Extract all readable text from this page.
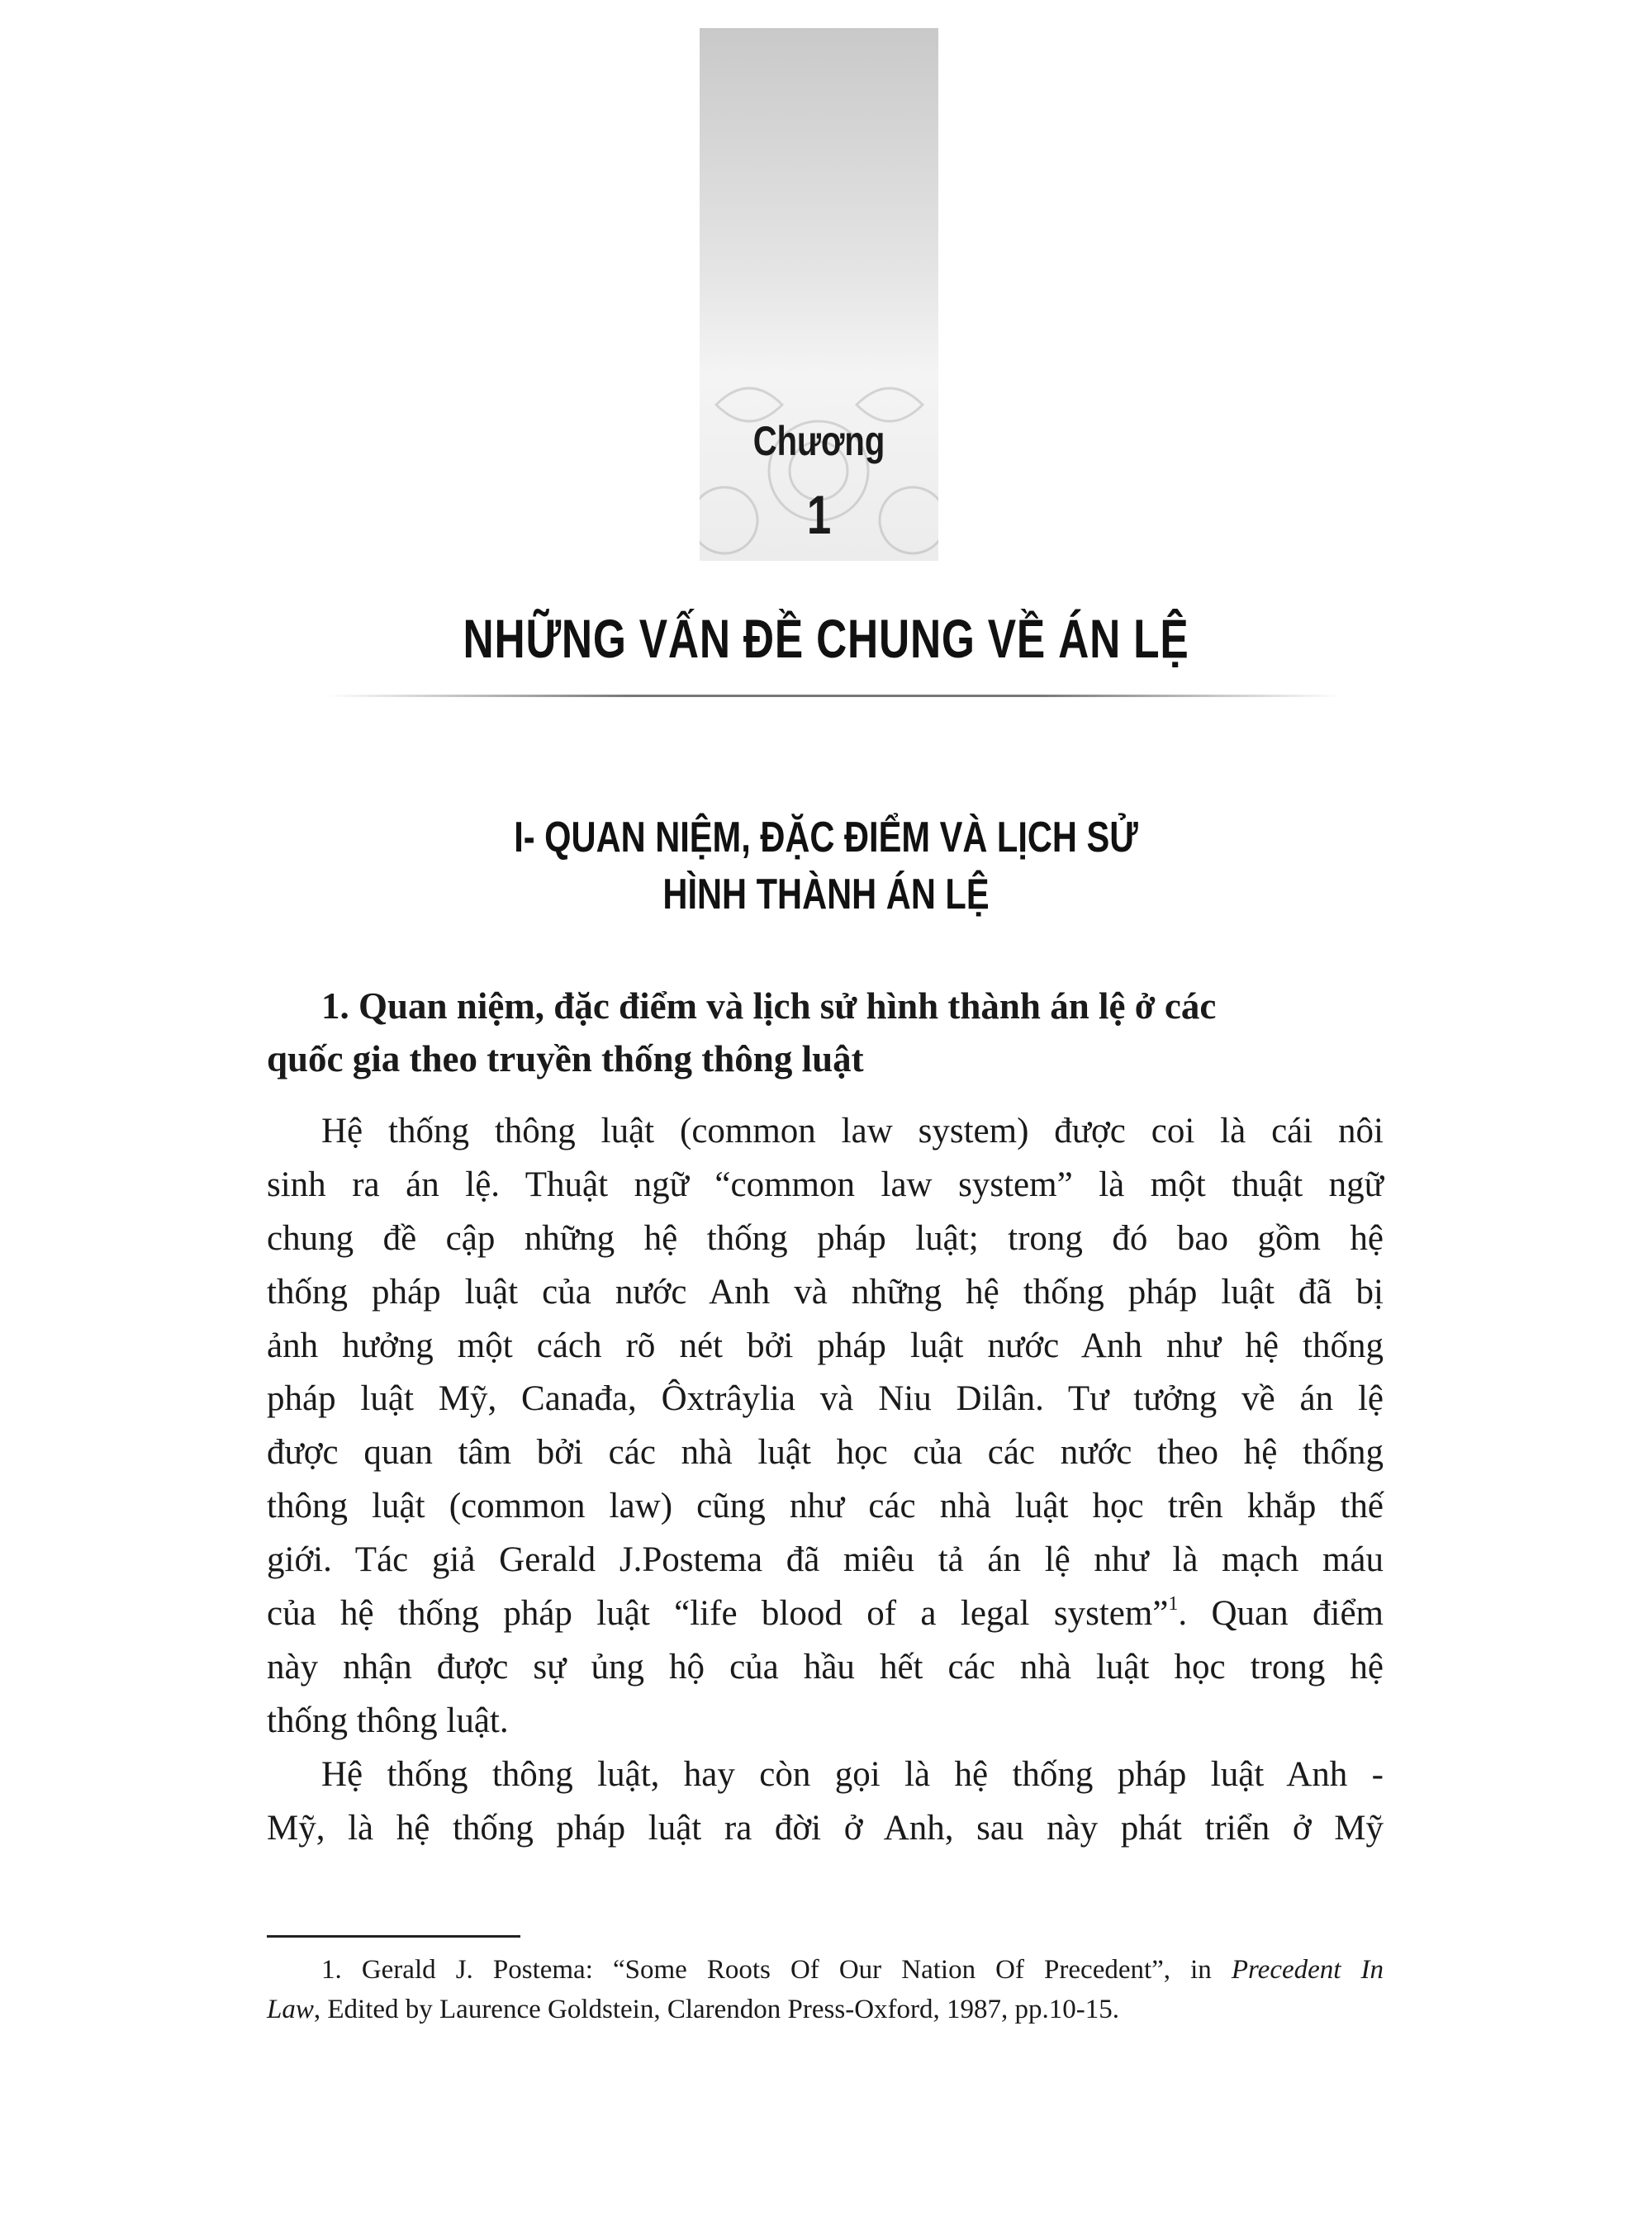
Chương
1
NHỮNG VẤN ĐỀ CHUNG VỀ ÁN LỆ
I- QUAN NIỆM, ĐẶC ĐIỂM VÀ LỊCH SỬ
HÌNH THÀNH ÁN LỆ
1. Quan niệm, đặc điểm và lịch sử hình thành án lệ ở các
quốc gia theo truyền thống thông luật
Hệ thống thông luật (common law system) được coi là cái nôi
sinh ra án lệ. Thuật ngữ “common law system” là một thuật ngữ
chung đề cập những hệ thống pháp luật; trong đó bao gồm hệ
thống pháp luật của nước Anh và những hệ thống pháp luật đã bị
ảnh hưởng một cách rõ nét bởi pháp luật nước Anh như hệ thống
pháp luật Mỹ, Canađa, Ôxtrâylia và Niu Dilân. Tư tưởng về án lệ
được quan tâm bởi các nhà luật học của các nước theo hệ thống
thông luật (common law) cũng như các nhà luật học trên khắp thế
giới. Tác giả Gerald J.Postema đã miêu tả án lệ như là mạch máu
của hệ thống pháp luật “life blood of a legal system”$^1$. Quan điểm
này nhận được sự ủng hộ của hầu hết các nhà luật học trong hệ
thống thông luật.
Hệ thống thông luật, hay còn gọi là hệ thống pháp luật Anh -
Mỹ, là hệ thống pháp luật ra đời ở Anh, sau này phát triển ở Mỹ
1. Gerald J. Postema: “Some Roots Of Our Nation Of Precedent”, in Precedent In
Law, Edited by Laurence Goldstein, Clarendon Press-Oxford, 1987, pp.10-15.
